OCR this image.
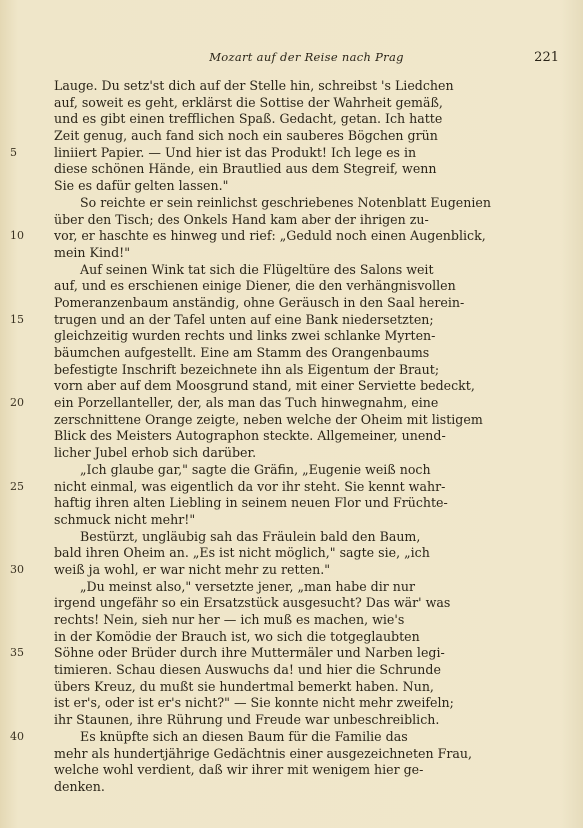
Mozart auf der Reise nach Prag	221
Lauge. Du setz'st dich auf der Stelle hin, schreibst 's Liedchen
auf, soweit es geht, erklärst die Sottise der Wahrheit gemäß,
und es gibt einen trefflichen Spaß. Gedacht, getan. Ich hatte
Zeit genug, auch fand sich noch ein sauberes Bögchen grün
5	liniiert Papier. — Und hier ist das Produkt! Ich lege es in
diese schönen Hände, ein Brautlied aus dem Stegreif, wenn
Sie es dafür gelten lassen."
So reichte er sein reinlichst geschriebenes Notenblatt Eugenien
über den Tisch; des Onkels Hand kam aber der ihrigen zu-
10	vor, er haschte es hinweg und rief: „Geduld noch einen Augenblick,
mein Kind!"
Auf seinen Wink tat sich die Flügeltüre des Salons weit
auf, und es erschienen einige Diener, die den verhängnisvollen
Pomeranzenbaum anständig, ohne Geräusch in den Saal herein-
15	trugen und an der Tafel unten auf eine Bank niedersetzten;
gleichzeitig wurden rechts und links zwei schlanke Myrten-
bäumchen aufgestellt. Eine am Stamm des Orangenbaums
befestigte Inschrift bezeichnete ihn als Eigentum der Braut;
vorn aber auf dem Moosgrund stand, mit einer Serviette bedeckt,
20	ein Porzellanteller, der, als man das Tuch hinwegnahm, eine
zerschnittene Orange zeigte, neben welche der Oheim mit listigem
Blick des Meisters Autographon steckte. Allgemeiner, unend-
licher Jubel erhob sich darüber.
„Ich glaube gar," sagte die Gräfin, „Eugenie weiß noch
25	nicht einmal, was eigentlich da vor ihr steht. Sie kennt wahr-
haftig ihren alten Liebling in seinem neuen Flor und Früchte-
schmuck nicht mehr!"
Bestürzt, ungläubig sah das Fräulein bald den Baum,
bald ihren Oheim an. „Es ist nicht möglich," sagte sie, „ich
30	weiß ja wohl, er war nicht mehr zu retten."
„Du meinst also," versetzte jener, „man habe dir nur
irgend ungefähr so ein Ersatzstück ausgesucht? Das wär' was
rechts! Nein, sieh nur her — ich muß es machen, wie's
in der Komödie der Brauch ist, wo sich die totgeglaubten
35	Söhne oder Brüder durch ihre Muttermäler und Narben legi-
timieren. Schau diesen Auswuchs da! und hier die Schrunde
übers Kreuz, du mußt sie hundertmal bemerkt haben. Nun,
ist er's, oder ist er's nicht?" — Sie konnte nicht mehr zweifeln;
ihr Staunen, ihre Rührung und Freude war unbeschreiblich.
40	Es knüpfte sich an diesen Baum für die Familie das
mehr als hundertjährige Gedächtnis einer ausgezeichneten Frau,
welche wohl verdient, daß wir ihrer mit wenigem hier ge-
denken.
